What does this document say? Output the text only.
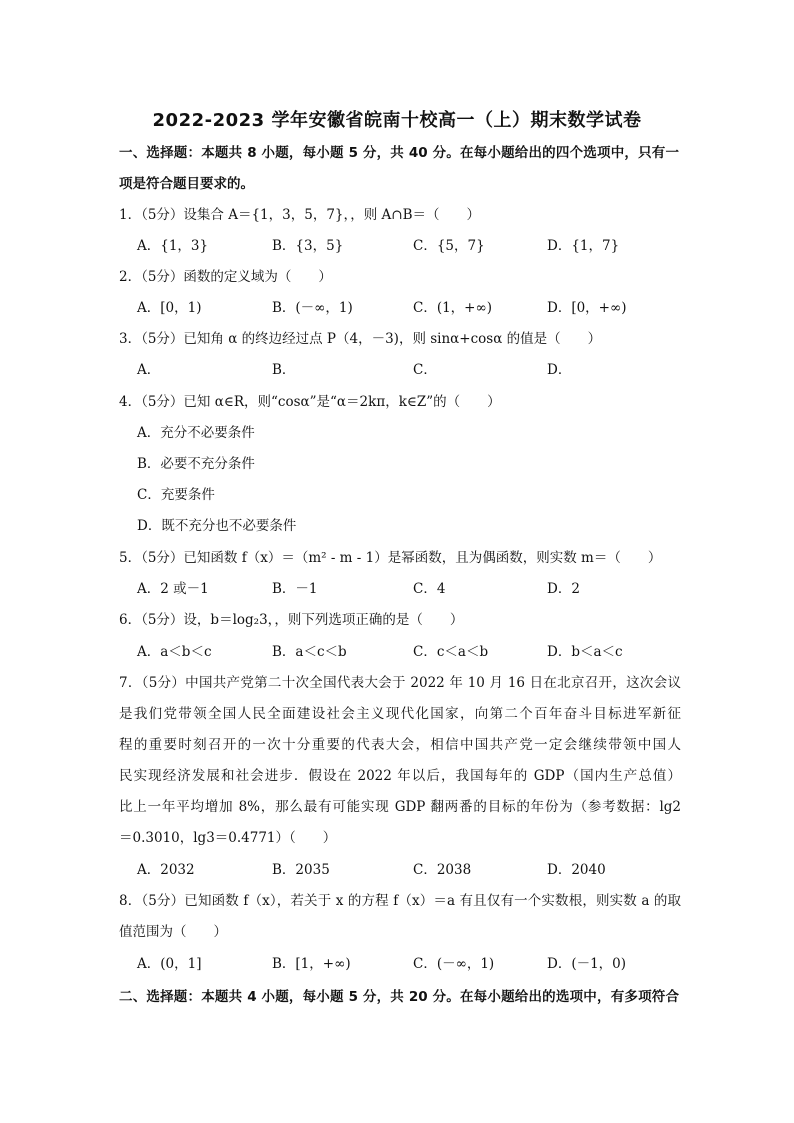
2022-2023 学年安徽省皖南十校高一（上）期末数学试卷
一、选择题：本题共 8 小题，每小题 5 分，共 40 分。在每小题给出的四个选项中，只有一
项是符合题目要求的。
1．（5分）设集合 A＝{1，3，5，7}，，则 A∩B＝（　　）
A．{1，3}	B．{3，5}	C．{5，7}	D．{1，7}
2．（5分）函数的定义域为（　　）
A．[0，1)	B．(－∞，1)	C．(1，+∞)	D．[0，+∞)
3．（5分）已知角 α 的终边经过点 P（4，－3)，则 sinα+cosα 的值是（　　）
A．	B．	C．	D．
4．（5分）已知 α∈R，则“cosα”是“α＝2kπ，k∈Z”的（　　）
A．充分不必要条件
B．必要不充分条件
C．充要条件
D．既不充分也不必要条件
5．（5分）已知函数 f（x）＝（m² - m - 1）是幂函数，且为偶函数，则实数 m＝（　　）
A．2 或－1	B．－1	C．4	D．2
6．（5分）设，b＝log₂3，，则下列选项正确的是（　　）
A．a＜b＜c	B．a＜c＜b	C．c＜a＜b	D．b＜a＜c
7．（5分）中国共产党第二十次全国代表大会于 2022 年 10 月 16 日在北京召开，这次会议
是我们党带领全国人民全面建设社会主义现代化国家，向第二个百年奋斗目标进军新征
程的重要时刻召开的一次十分重要的代表大会，相信中国共产党一定会继续带领中国人
民实现经济发展和社会进步．假设在 2022 年以后，我国每年的 GDP（国内生产总值）
比上一年平均增加 8%，那么最有可能实现 GDP 翻两番的目标的年份为（参考数据：lg2
＝0.3010，lg3＝0.4771）（　　）
A．2032	B．2035	C．2038	D．2040
8．（5分）已知函数 f（x），若关于 x 的方程 f（x）＝a 有且仅有一个实数根，则实数 a 的取
值范围为（　　）
A．(0，1]	B．[1，+∞)	C．(－∞，1)	D．(－1，0)
二、选择题：本题共 4 小题，每小题 5 分，共 20 分。在每小题给出的选项中，有多项符合
